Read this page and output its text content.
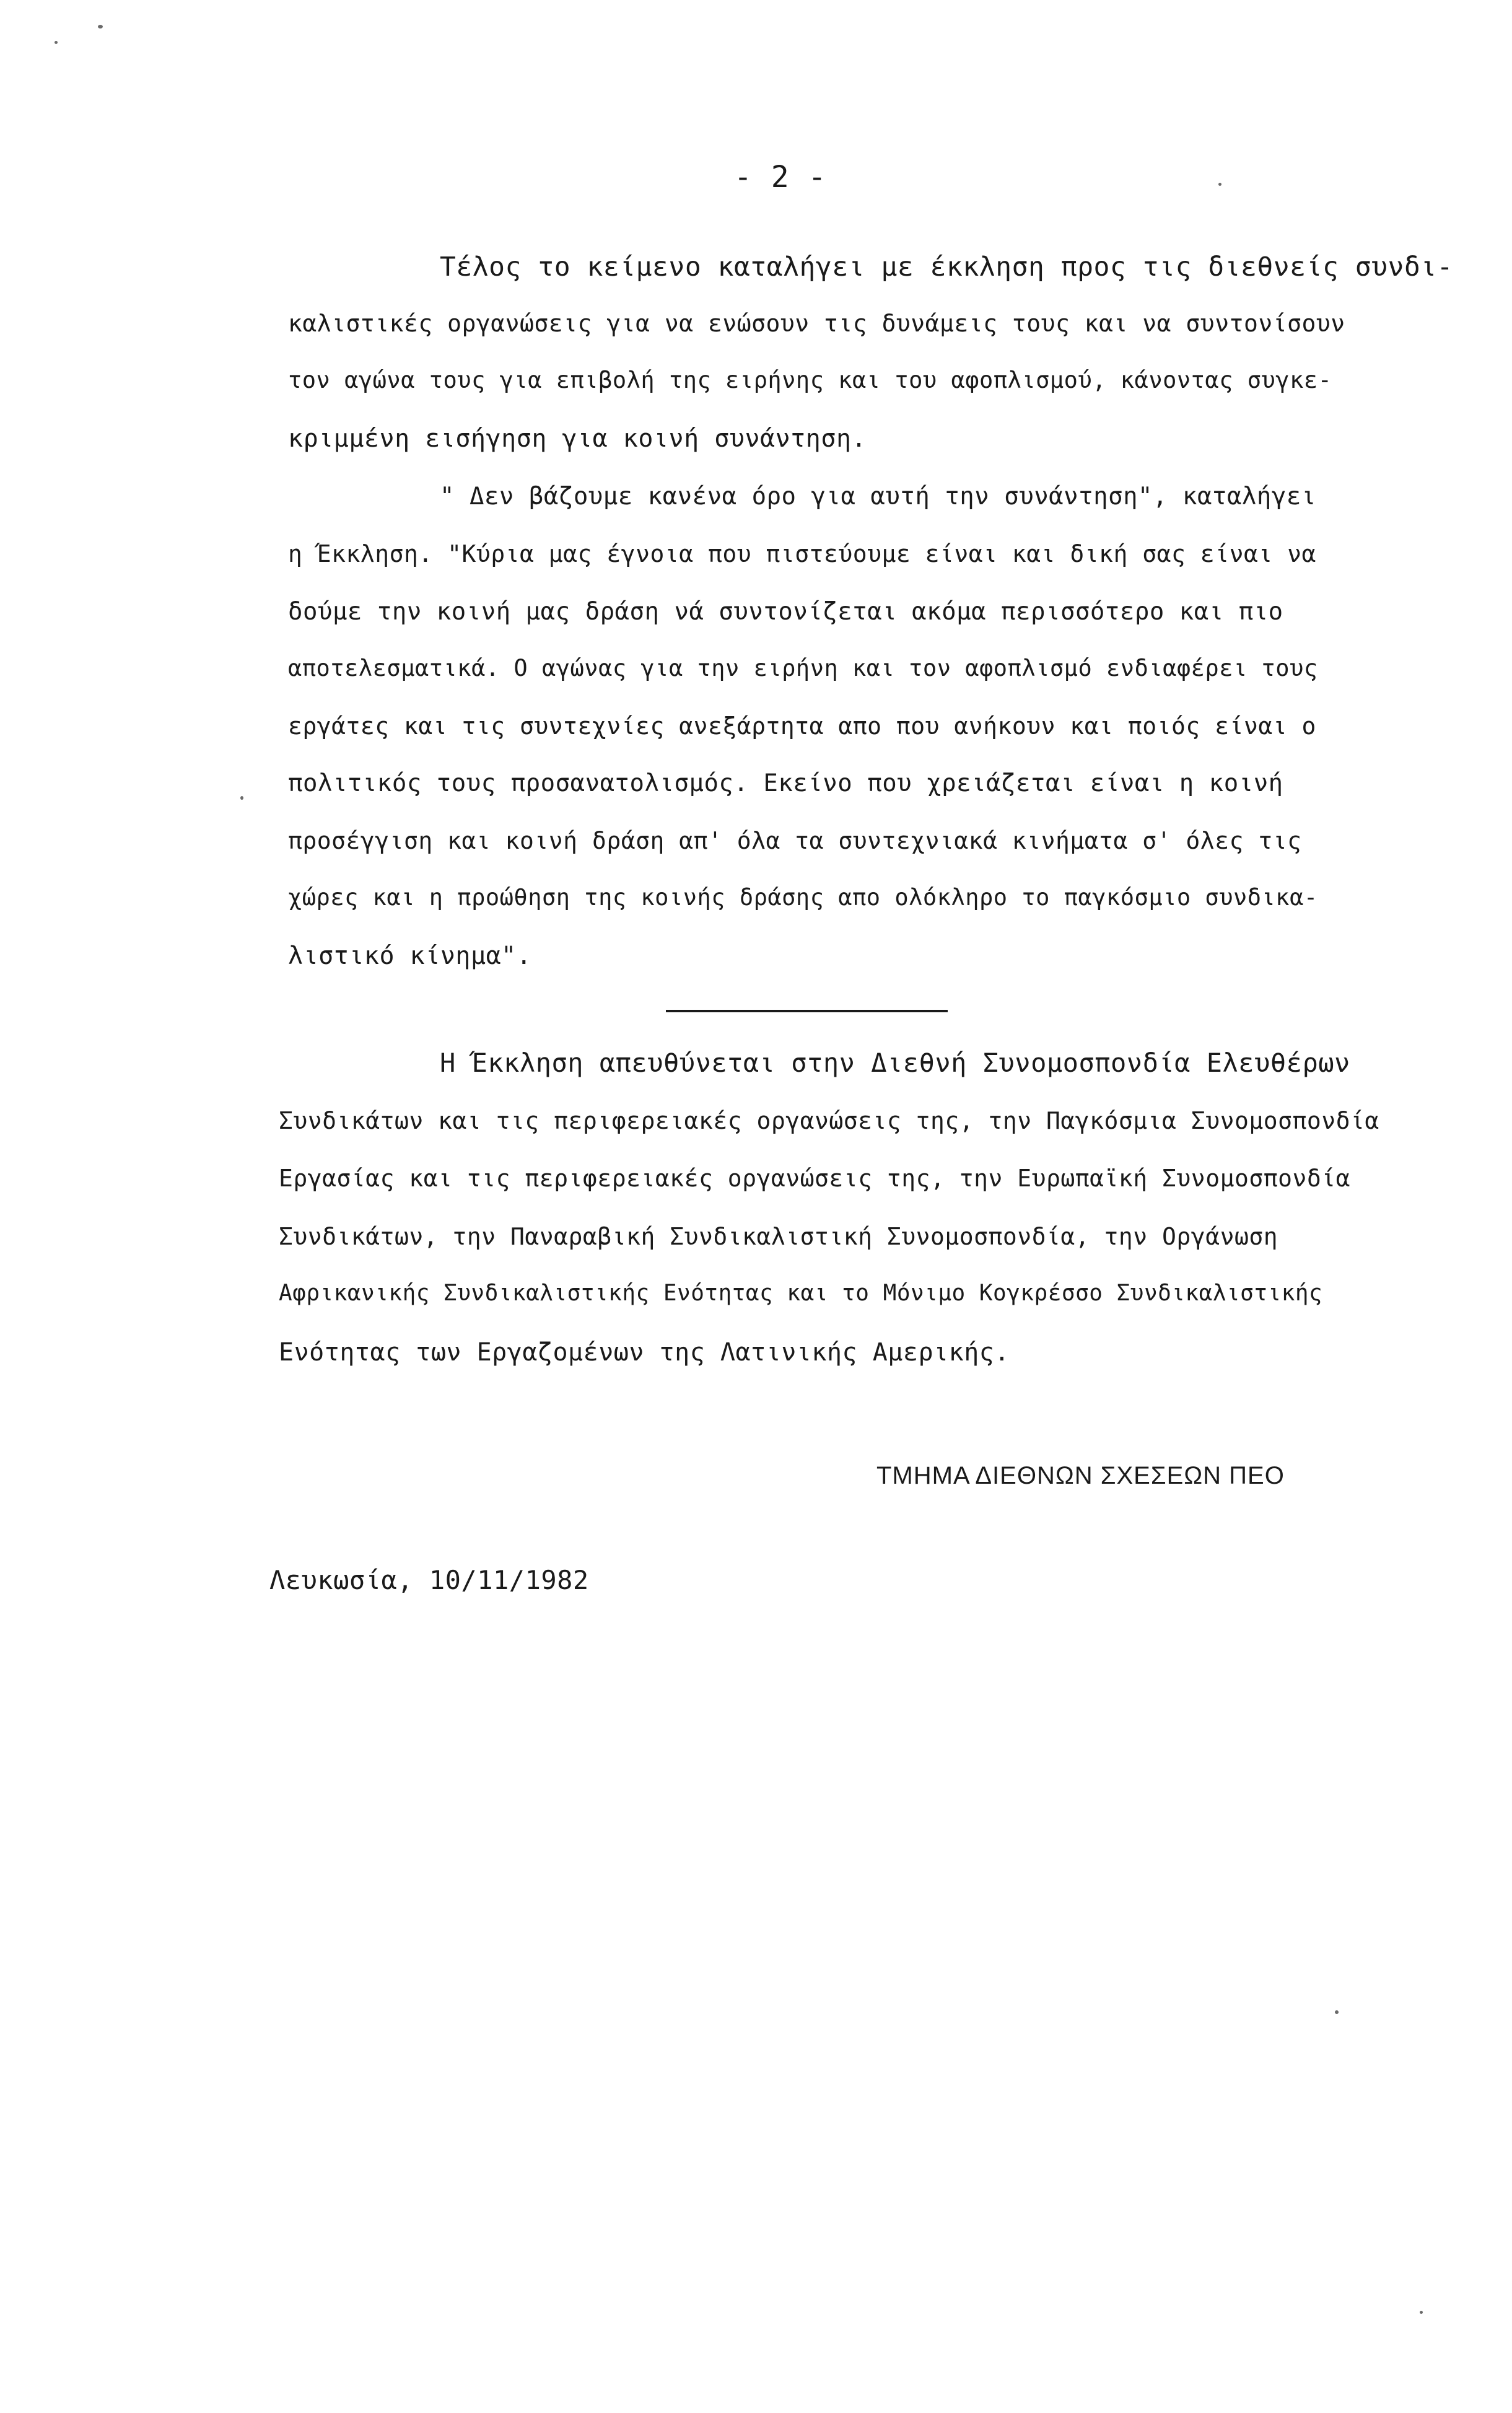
- 2 -
Τέλος το κείμενο καταλήγει με έκκληση προς τις διεθνείς συνδι-
καλιστικές οργανώσεις για να ενώσουν τις δυνάμεις τους και να συντονίσουν
τον αγώνα τους για επιβολή της ειρήνης και του αφοπλισμού, κάνοντας συγκε-
κριμμένη εισήγηση για κοινή συνάντηση.
" Δεν βάζουμε κανένα όρο για αυτή την συνάντηση", καταλήγει
η Έκκληση. "Κύρια μας έγνοια που πιστεύουμε είναι και δική σας είναι να
δούμε την κοινή μας δράση νά συντονίζεται ακόμα περισσότερο και πιο
αποτελεσματικά. Ο αγώνας για την ειρήνη και τον αφοπλισμό ενδιαφέρει τους
εργάτες και τις συντεχνίες ανεξάρτητα απο που ανήκουν και ποιός είναι ο
πολιτικός τους προσανατολισμός. Εκείνο που χρειάζεται είναι η κοινή
προσέγγιση και κοινή δράση απ' όλα τα συντεχνιακά κινήματα σ' όλες τις
χώρες και η προώθηση της κοινής δράσης απο ολόκληρο το παγκόσμιο συνδικα-
λιστικό κίνημα".
Η Έκκληση απευθύνεται στην Διεθνή Συνομοσπονδία Ελευθέρων
Συνδικάτων και τις περιφερειακές οργανώσεις της, την Παγκόσμια Συνομοσπονδία
Εργασίας και τις περιφερειακές οργανώσεις της, την Ευρωπαϊκή Συνομοσπονδία
Συνδικάτων, την Παναραβική Συνδικαλιστική Συνομοσπονδία, την Οργάνωση
Αφρικανικής Συνδικαλιστικής Ενότητας και το Μόνιμο Κογκρέσσο Συνδικαλιστικής
Ενότητας των Εργαζομένων της Λατινικής Αμερικής.
ΤΜΗΜΑ ΔΙΕΘΝΩΝ ΣΧΕΣΕΩΝ ΠΕΟ
Λευκωσία, 10/11/1982
